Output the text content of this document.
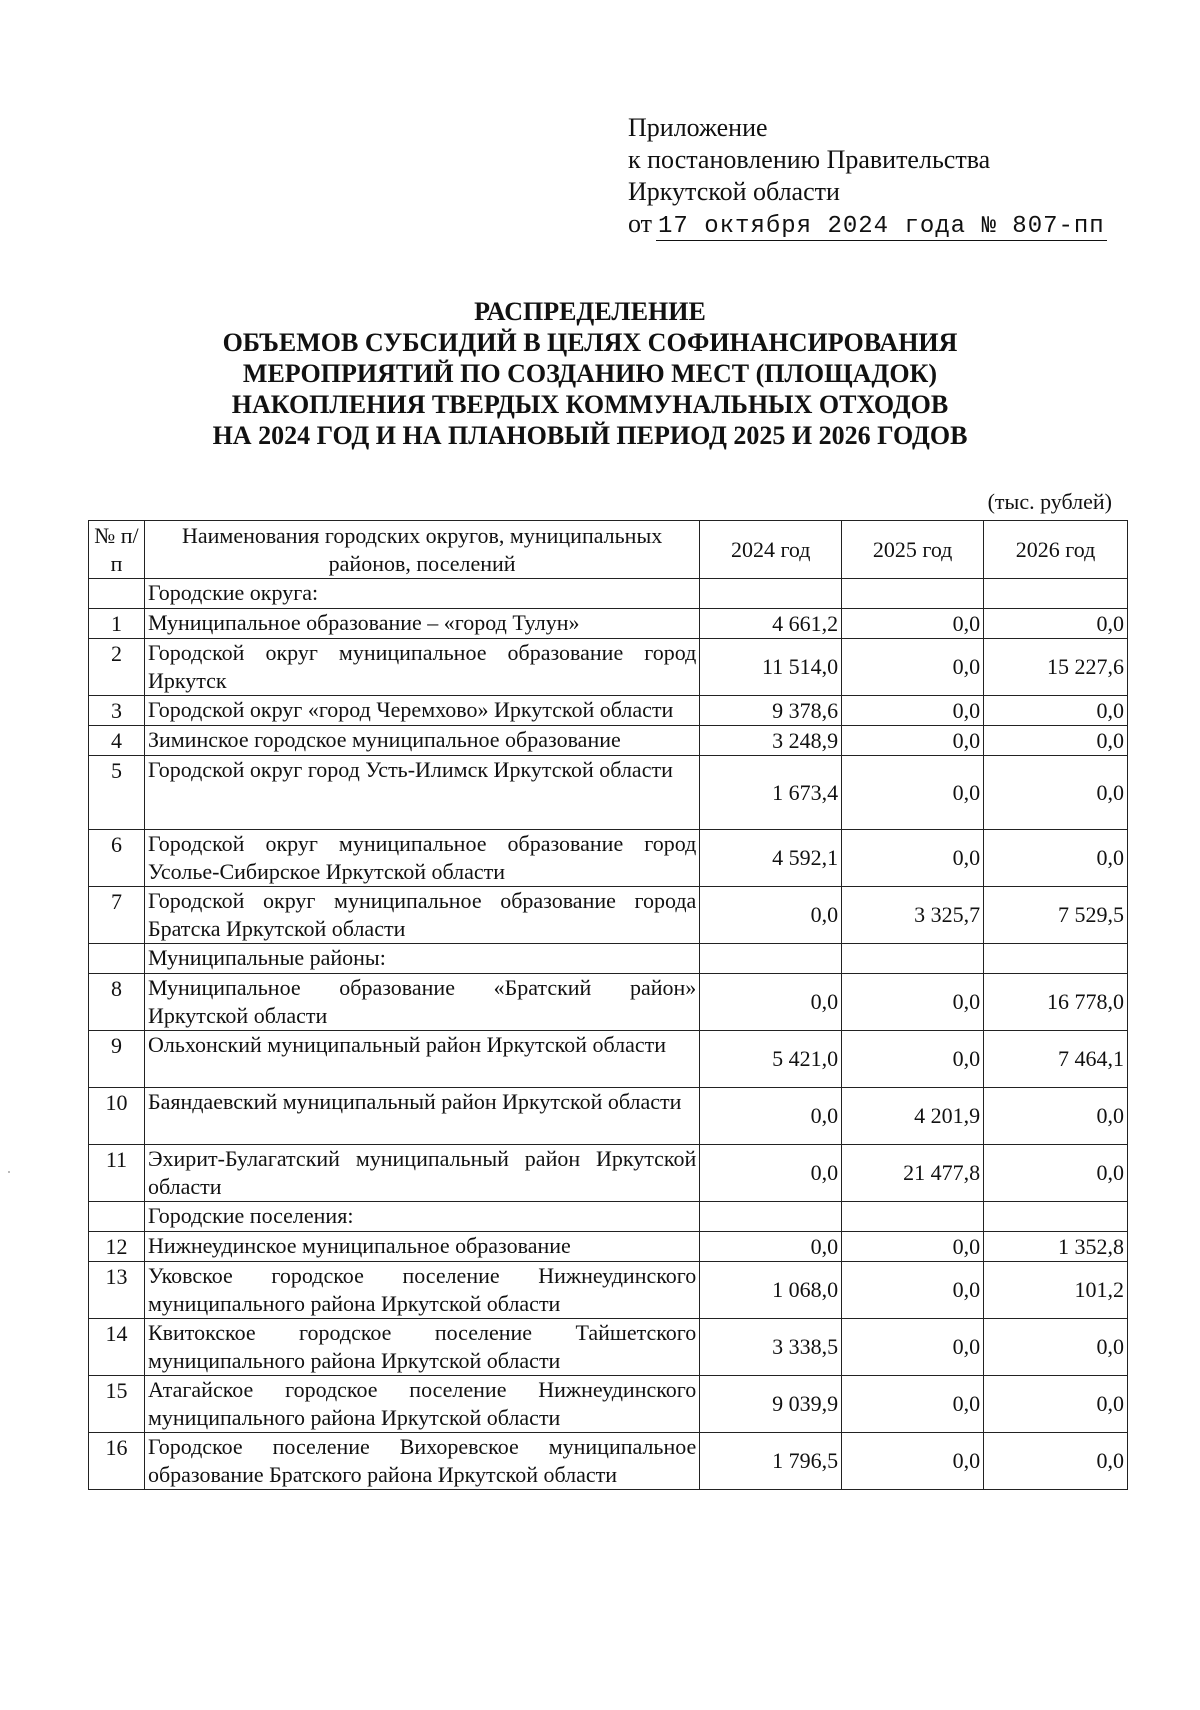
Приложение
к постановлению Правительства
Иркутской области
от 17 октября 2024 года № 807-пп
РАСПРЕДЕЛЕНИЕ
ОБЪЕМОВ СУБСИДИЙ В ЦЕЛЯХ СОФИНАНСИРОВАНИЯ
МЕРОПРИЯТИЙ ПО СОЗДАНИЮ МЕСТ (ПЛОЩАДОК)
НАКОПЛЕНИЯ ТВЕРДЫХ КОММУНАЛЬНЫХ ОТХОДОВ
НА 2024 ГОД И НА ПЛАНОВЫЙ ПЕРИОД 2025 И 2026 ГОДОВ
(тыс. рублей)
№ п/п	Наименования городских округов, муниципальных районов, поселений	2024 год	2025 год	2026 год
	Городские округа:			
1	Муниципальное образование – «город Тулун»	4 661,2	0,0	0,0
2	Городской округ муниципальное образование город Иркутск	11 514,0	0,0	15 227,6
3	Городской округ «город Черемхово» Иркутской области	9 378,6	0,0	0,0
4	Зиминское городское муниципальное образование	3 248,9	0,0	0,0
5	Городской округ город Усть-Илимск Иркутской области	1 673,4	0,0	0,0
6	Городской округ муниципальное образование город Усолье-Сибирское Иркутской области	4 592,1	0,0	0,0
7	Городской округ муниципальное образование города Братска Иркутской области	0,0	3 325,7	7 529,5
	Муниципальные районы:			
8	Муниципальное образование «Братский район» Иркутской области	0,0	0,0	16 778,0
9	Ольхонский муниципальный район Иркутской области	5 421,0	0,0	7 464,1
10	Баяндаевский муниципальный район Иркутской области	0,0	4 201,9	0,0
11	Эхирит-Булагатский муниципальный район Иркутской области	0,0	21 477,8	0,0
	Городские поселения:			
12	Нижнеудинское муниципальное образование	0,0	0,0	1 352,8
13	Уковское городское поселение Нижнеудинского муниципального района Иркутской области	1 068,0	0,0	101,2
14	Квитокское городское поселение Тайшетского муниципального района Иркутской области	3 338,5	0,0	0,0
15	Атагайское городское поселение Нижнеудинского муниципального района Иркутской области	9 039,9	0,0	0,0
16	Городское поселение Вихоревское муниципальное образование Братского района Иркутской области	1 796,5	0,0	0,0
